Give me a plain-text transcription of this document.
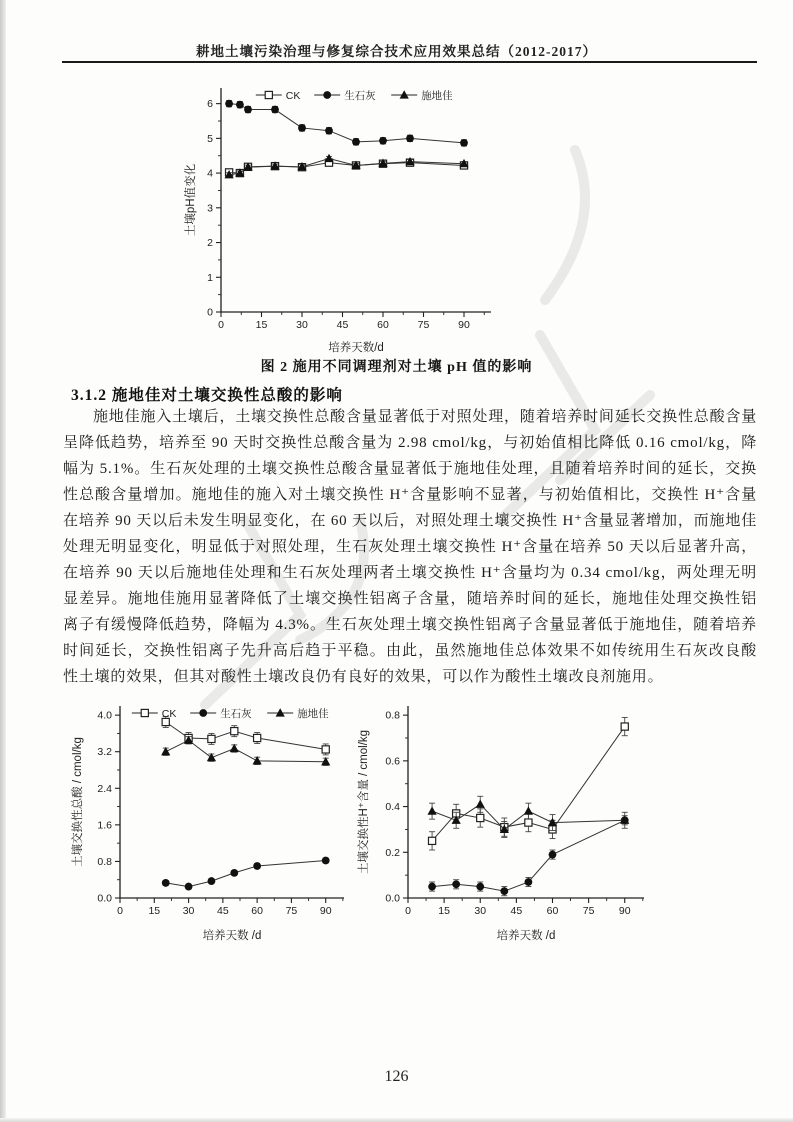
耕地土壤污染治理与修复综合技术应用效果总结（2012-2017）
0	15	30	45	60	75	90
0
1
2
3
4
5
6
培养天数/d
土壤pH值变化
CK	生石灰	施地佳
图 2 施用不同调理剂对土壤 pH 值的影响
3.1.2 施地佳对土壤交换性总酸的影响
施地佳施入土壤后，土壤交换性总酸含量显著低于对照处理，随着培养时间延长交换性总酸含量呈降低趋势，培养至 90 天时交换性总酸含量为 2.98 cmol/kg，与初始值相比降低 0.16 cmol/kg，降幅为 5.1%。生石灰处理的土壤交换性总酸含量显著低于施地佳处理，且随着培养时间的延长，交换性总酸含量增加。施地佳的施入对土壤交换性 H⁺含量影响不显著，与初始值相比，交换性 H⁺含量在培养 90 天以后未发生明显变化，在 60 天以后，对照处理土壤交换性 H⁺含量显著增加，而施地佳处理无明显变化，明显低于对照处理，生石灰处理土壤交换性 H⁺含量在培养 50 天以后显著升高，在培养 90 天以后施地佳处理和生石灰处理两者土壤交换性 H⁺含量均为 0.34 cmol/kg，两处理无明显差异。施地佳施用显著降低了土壤交换性铝离子含量，随培养时间的延长，施地佳处理交换性铝离子有缓慢降低趋势，降幅为 4.3%。生石灰处理土壤交换性铝离子含量显著低于施地佳，随着培养时间延长，交换性铝离子先升高后趋于平稳。由此，虽然施地佳总体效果不如传统用生石灰改良酸性土壤的效果，但其对酸性土壤改良仍有良好的效果，可以作为酸性土壤改良剂施用。
0 15 30 45 60 75 90
0.0
0.8
1.6
2.4
3.2
4.0
培养天数 /d
土壤交换性总酸 / cmol/kg
CK	生石灰	施地佳
0	15 30 45 60 75 90
0.0
0.2
0.4
0.6
0.8
培养天数 /d
土壤交换性H⁺含量 / cmol/kg
126
